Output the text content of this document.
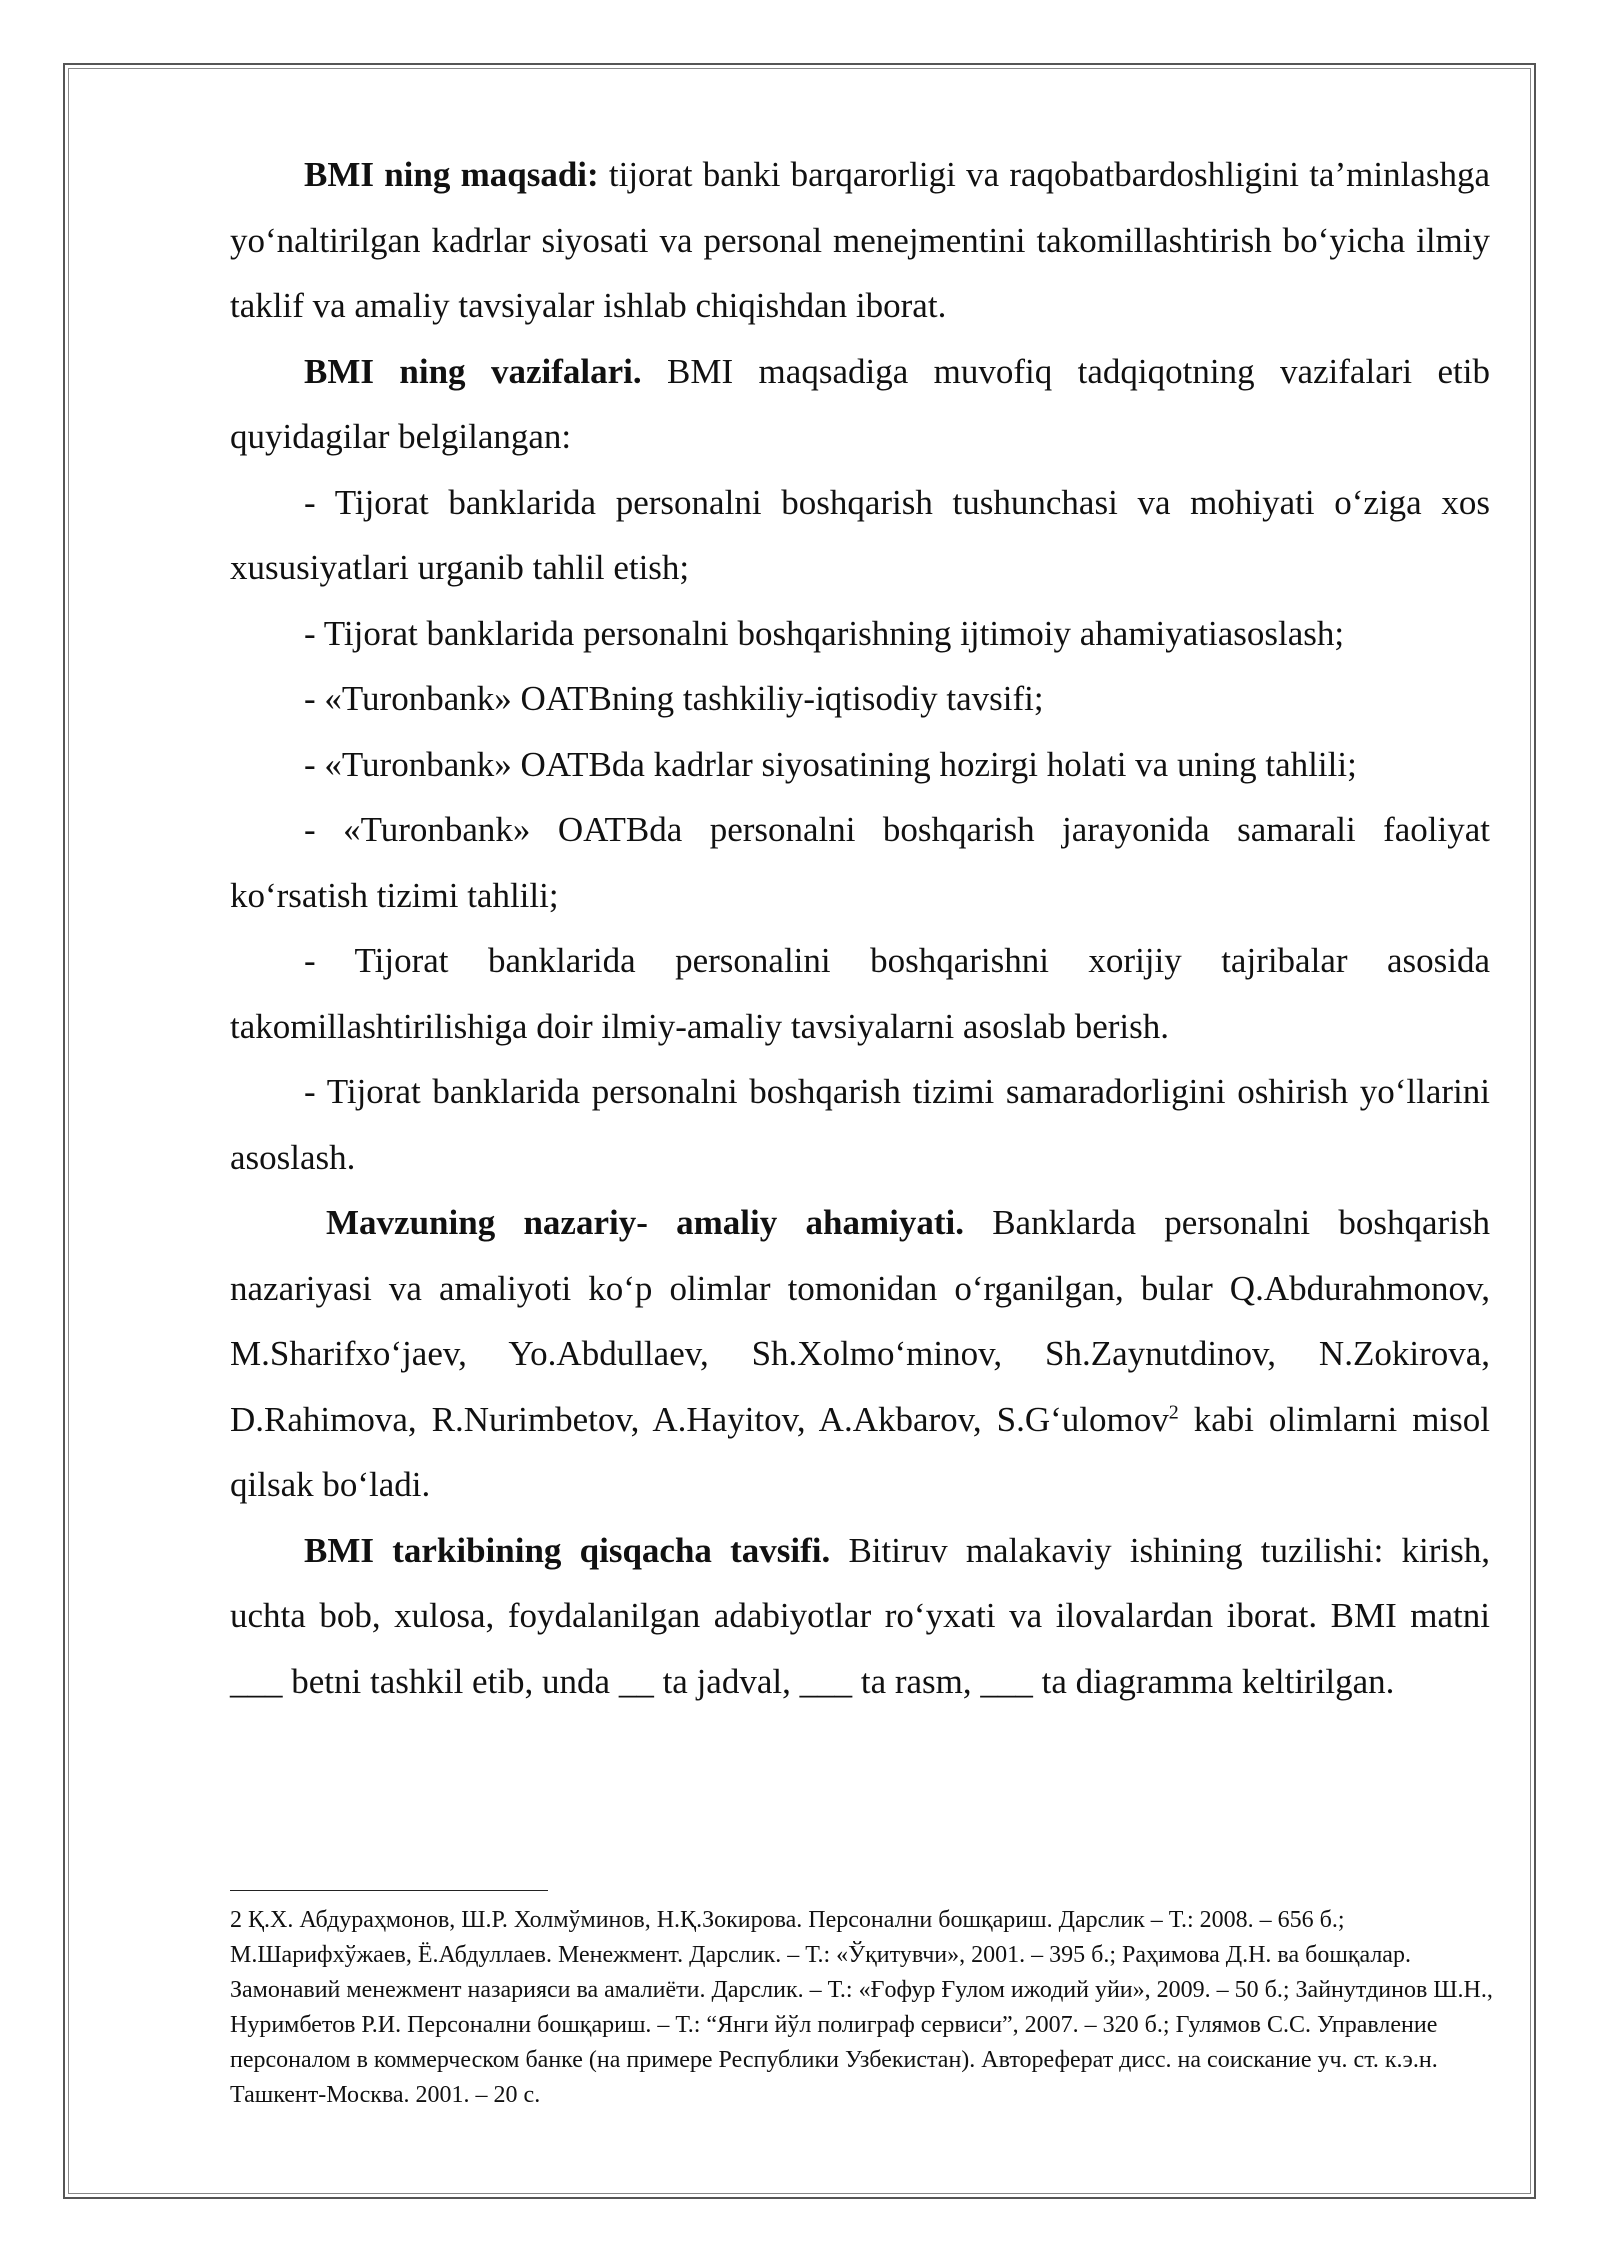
BMI ning maqsadi: tijorat banki barqarorligi va raqobatbardoshligini ta’minlashga yo‘naltirilgan kadrlar siyosati va personal menejmentini takomillashtirish bo‘yicha ilmiy taklif va amaliy tavsiyalar ishlab chiqishdan iborat.

BMI ning vazifalari. BMI maqsadiga muvofiq tadqiqotning vazifalari etib quyidagilar belgilangan:

- Tijorat banklarida personalni boshqarish tushunchasi va mohiyati o‘ziga xos xususiyatlari urganib tahlil etish;

- Tijorat banklarida personalni boshqarishning ijtimoiy ahamiyatiasoslash;

- «Turonbank» OATBning tashkiliy-iqtisodiy tavsifi;

- «Turonbank» OATBda kadrlar siyosatining hozirgi holati va uning tahlili;

- «Turonbank» OATBda personalni boshqarish jarayonida samarali faoliyat ko‘rsatish tizimi tahlili;

- Tijorat banklarida personalini boshqarishni xorijiy tajribalar asosida takomillashtirilishiga doir ilmiy-amaliy tavsiyalarni asoslab berish.

- Tijorat banklarida personalni boshqarish tizimi samaradorligini oshirish yo‘llarini asoslash.

Mavzuning nazariy- amaliy ahamiyati. Banklarda personalni boshqarish nazariyasi va amaliyoti ko‘p olimlar tomonidan o‘rganilgan, bular Q.Abdurahmonov, M.Sharifxo‘jaev, Yo.Abdullaev, Sh.Xolmo‘minov, Sh.Zaynutdinov, N.Zokirova, D.Rahimova, R.Nurimbetov, A.Hayitov, A.Akbarov, S.G‘ulomov$^2$ kabi olimlarni misol qilsak bo‘ladi.

BMI tarkibining qisqacha tavsifi. Bitiruv malakaviy ishining tuzilishi: kirish, uchta bob, xulosa, foydalanilgan adabiyotlar ro‘yxati va ilovalardan iborat. BMI matni ___ betni tashkil etib, unda __ ta jadval, ___ ta rasm, ___ ta diagramma keltirilgan.

2 Қ.Х. Абдураҳмонов, Ш.Р. Холмўминов, Н.Қ.Зокирова. Персонални бошқариш. Дарслик – Т.: 2008. – 656 б.; М.Шарифхўжаев, Ё.Абдуллаев. Менежмент. Дарслик. – Т.: «Ўқитувчи», 2001. – 395 б.; Раҳимова Д.Н. ва бошқалар. Замонавий менежмент назарияси ва амалиёти. Дарслик. – Т.: «Ғофур Ғулом ижодий уйи», 2009. – 50 б.; Зайнутдинов Ш.Н., Нуримбетов Р.И. Персонални бошқариш. – Т.: “Янги йўл полиграф сервиси”, 2007. – 320 б.; Гулямов С.С. Управление персоналом в коммерческом банке (на примере Республики Узбекистан). Автореферат дисс. на соискание уч. ст. к.э.н. Ташкент-Москва. 2001. – 20 с.
